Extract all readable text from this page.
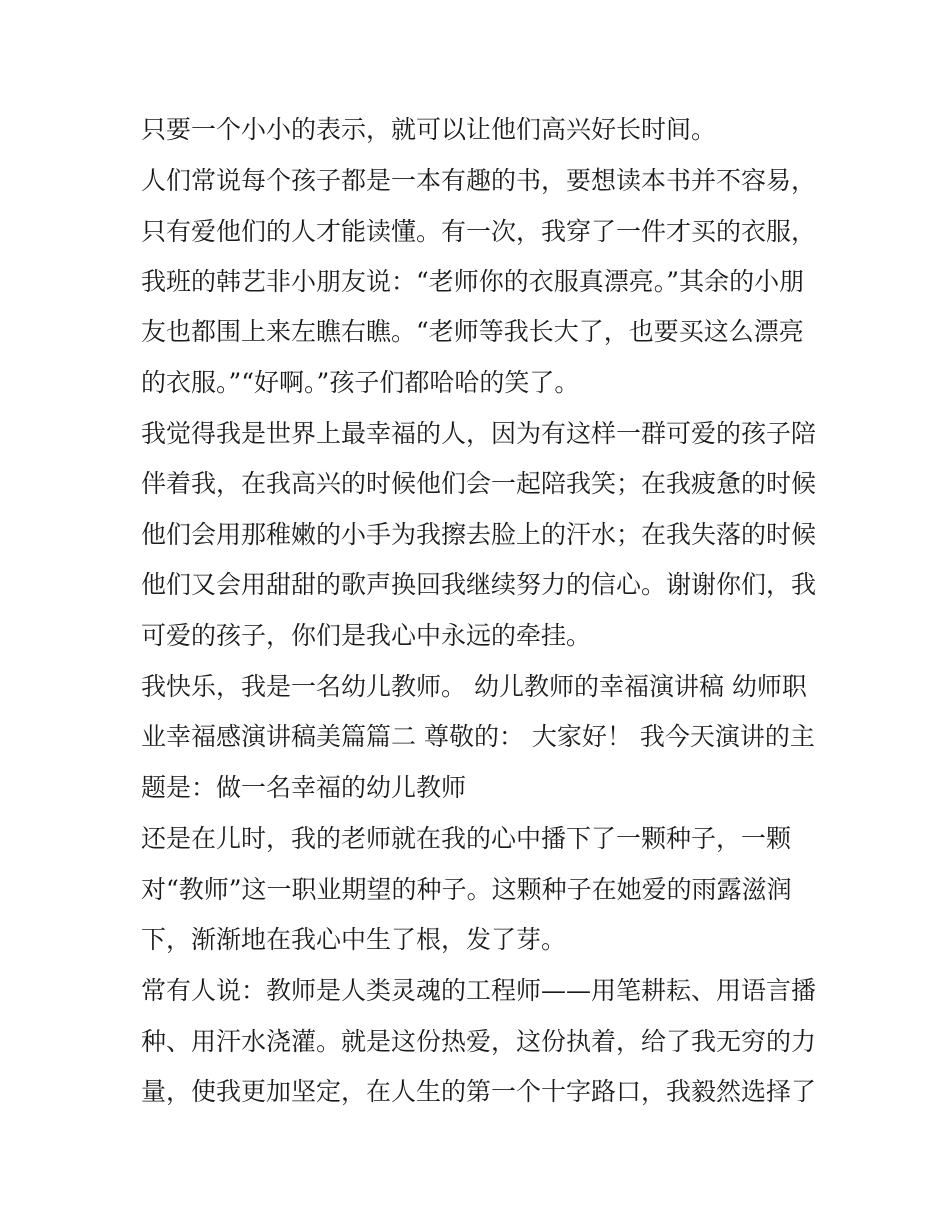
只要一个小小的表示，就可以让他们高兴好长时间。
人们常说每个孩子都是一本有趣的书，要想读本书并不容易，
只有爱他们的人才能读懂。有一次，我穿了一件才买的衣服，
我班的韩艺非小朋友说：“老师你的衣服真漂亮。”其余的小朋
友也都围上来左瞧右瞧。“老师等我长大了，也要买这么漂亮
的衣服。”“好啊。”孩子们都哈哈的笑了。
我觉得我是世界上最幸福的人，因为有这样一群可爱的孩子陪
伴着我，在我高兴的时候他们会一起陪我笑；在我疲惫的时候
他们会用那稚嫩的小手为我擦去脸上的汗水；在我失落的时候
他们又会用甜甜的歌声换回我继续努力的信心。谢谢你们，我
可爱的孩子，你们是我心中永远的牵挂。
我快乐，我是一名幼儿教师。 幼儿教师的幸福演讲稿 幼师职
业幸福感演讲稿美篇篇二 尊敬的： 大家好！ 我今天演讲的主
题是：做一名幸福的幼儿教师
还是在儿时，我的老师就在我的心中播下了一颗种子，一颗
对“教师”这一职业期望的种子。这颗种子在她爱的雨露滋润
下，渐渐地在我心中生了根，发了芽。
常有人说：教师是人类灵魂的工程师——用笔耕耘、用语言播
种、用汗水浇灌。就是这份热爱，这份执着，给了我无穷的力
量，使我更加坚定，在人生的第一个十字路口，我毅然选择了
